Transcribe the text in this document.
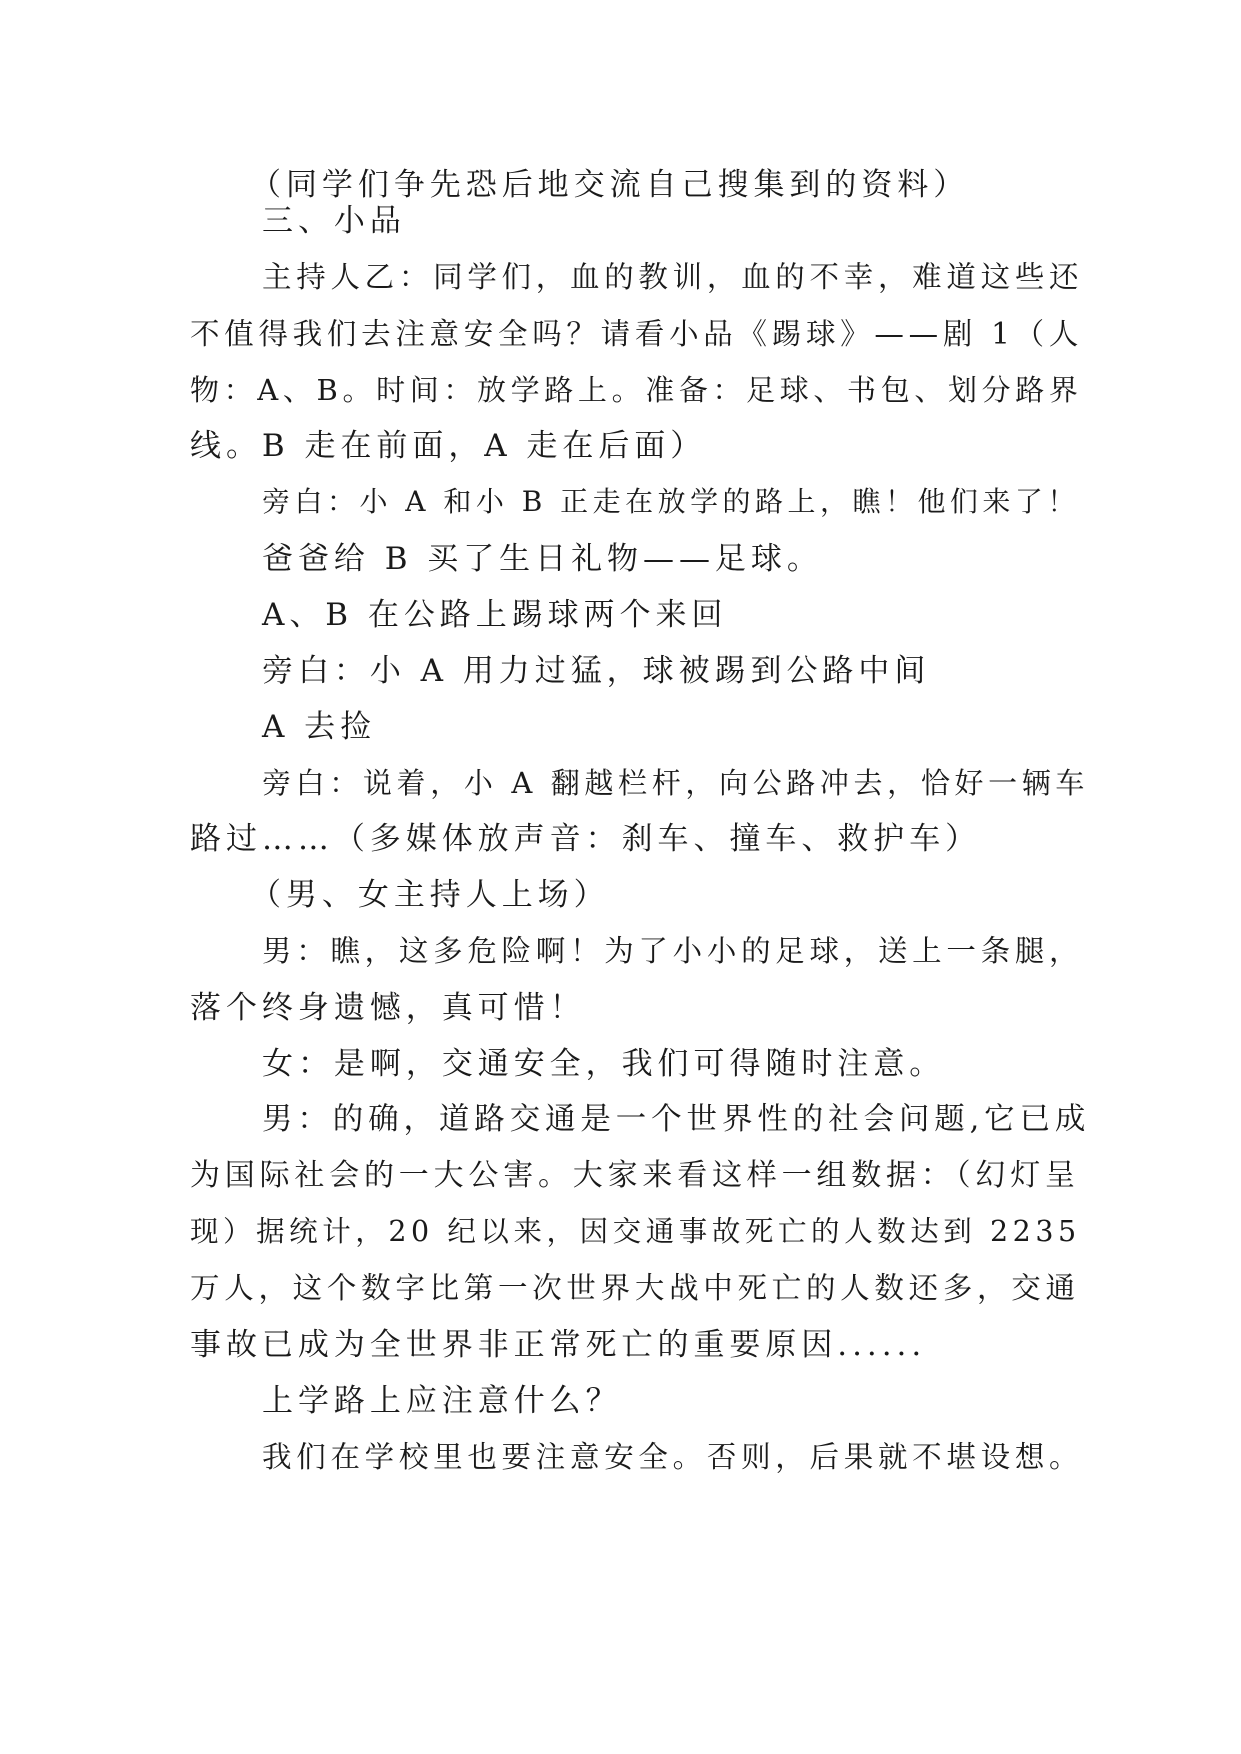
（同学们争先恐后地交流自己搜集到的资料）
三、小品
主持人乙：同学们，血的教训，血的不幸，难道这些还
不值得我们去注意安全吗？请看小品《踢球》——剧 1（人
物：A、B。时间：放学路上。准备：足球、书包、划分路界
线。B 走在前面，A 走在后面）
旁白：小 A 和小 B 正走在放学的路上，瞧！他们来了！
爸爸给 B 买了生日礼物——足球。
A、B 在公路上踢球两个来回
旁白：小 A 用力过猛，球被踢到公路中间
A 去捡
旁白：说着，小 A 翻越栏杆，向公路冲去，恰好一辆车
路过……（多媒体放声音：刹车、撞车、救护车）
（男、女主持人上场）
男：瞧，这多危险啊！为了小小的足球，送上一条腿，
落个终身遗憾，真可惜！
女：是啊，交通安全，我们可得随时注意。
男：的确，道路交通是一个世界性的社会问题,它已成
为国际社会的一大公害。大家来看这样一组数据：（幻灯呈
现）据统计，20 纪以来，因交通事故死亡的人数达到 2235
万人，这个数字比第一次世界大战中死亡的人数还多，交通
事故已成为全世界非正常死亡的重要原因......
上学路上应注意什么？
我们在学校里也要注意安全。否则，后果就不堪设想。
